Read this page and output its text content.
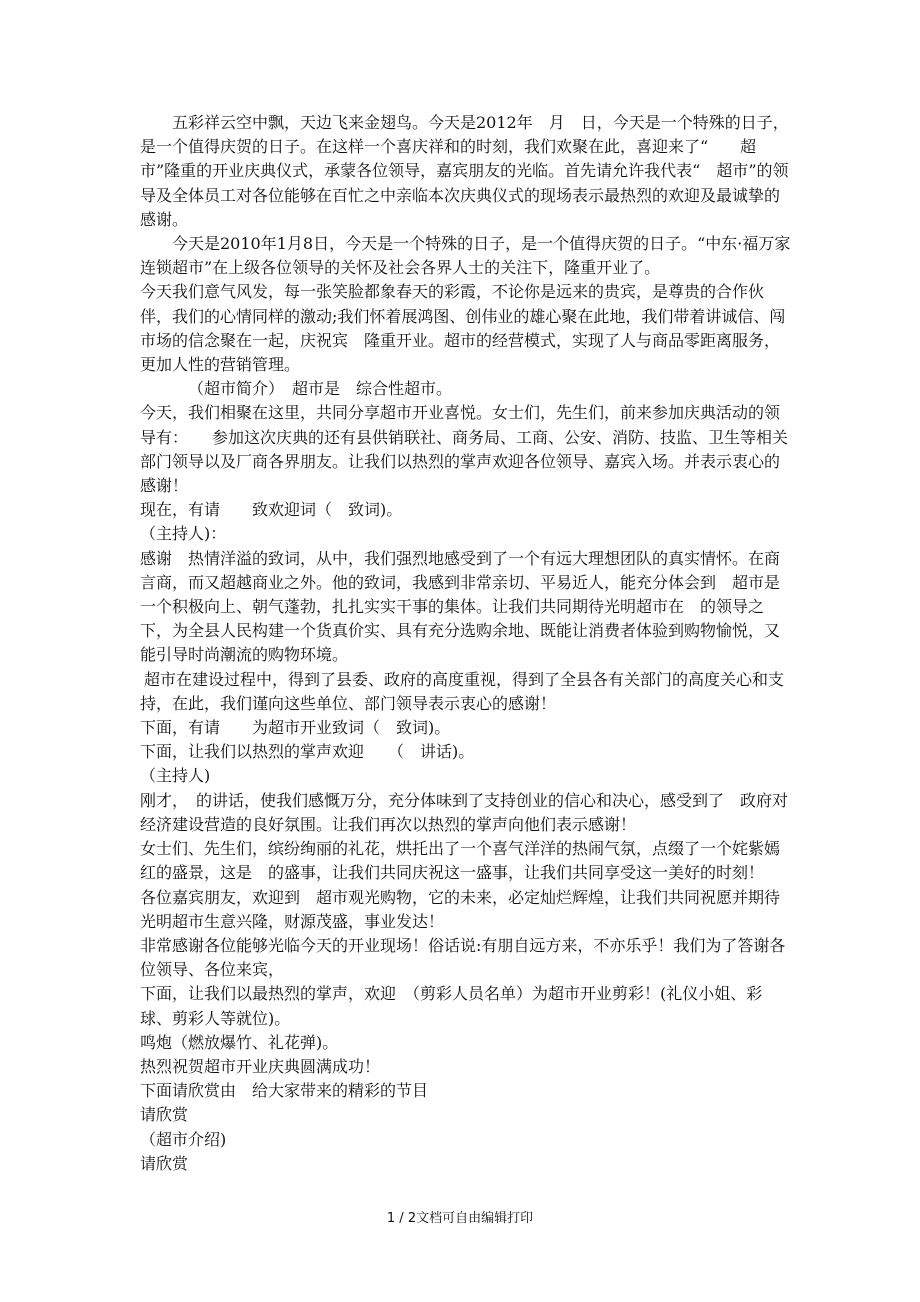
五彩祥云空中飘，天边飞来金翅鸟。今天是2012年　月　日，今天是一个特殊的日子，是一个值得庆贺的日子。在这样一个喜庆祥和的时刻，我们欢聚在此，喜迎来了“　　超市”隆重的开业庆典仪式，承蒙各位领导，嘉宾朋友的光临。首先请允许我代表“　超市”的领导及全体员工对各位能够在百忙之中亲临本次庆典仪式的现场表示最热烈的欢迎及最诚挚的感谢。

今天是2010年1月8日，今天是一个特殊的日子，是一个值得庆贺的日子。“中东·福万家连锁超市”在上级各位领导的关怀及社会各界人士的关注下，隆重开业了。

今天我们意气风发，每一张笑脸都象春天的彩霞，不论你是远来的贵宾，是尊贵的合作伙伴，我们的心情同样的激动;我们怀着展鸿图、创伟业的雄心聚在此地，我们带着讲诚信、闯市场的信念聚在一起，庆祝宾　隆重开业。超市的经营模式，实现了人与商品零距离服务，更加人性的营销管理。

（超市简介）　超市是　综合性超市。

今天，我们相聚在这里，共同分享超市开业喜悦。女士们，先生们，前来参加庆典活动的领导有：　　参加这次庆典的还有县供销联社、商务局、工商、公安、消防、技监、卫生等相关部门领导以及厂商各界朋友。让我们以热烈的掌声欢迎各位领导、嘉宾入场。并表示衷心的感谢！

现在，有请　　致欢迎词（　致词)。

（主持人)：

感谢　热情洋溢的致词，从中，我们强烈地感受到了一个有远大理想团队的真实情怀。在商言商，而又超越商业之外。他的致词，我感到非常亲切、平易近人，能充分体会到　超市是一个积极向上、朝气蓬勃，扎扎实实干事的集体。让我们共同期待光明超市在　的领导之下，为全县人民构建一个货真价实、具有充分选购余地、既能让消费者体验到购物愉悦，又能引导时尚潮流的购物环境。

超市在建设过程中，得到了县委、政府的高度重视，得到了全县各有关部门的高度关心和支持，在此，我们谨向这些单位、部门领导表示衷心的感谢！

下面，有请　　为超市开业致词（　致词)。

下面，让我们以热烈的掌声欢迎　　（　讲话)。

（主持人)

刚才，　的讲话，使我们感慨万分，充分体味到了支持创业的信心和决心，感受到了　政府对　经济建设营造的良好氛围。让我们再次以热烈的掌声向他们表示感谢！

女士们、先生们，缤纷绚丽的礼花，烘托出了一个喜气洋洋的热闹气氛，点缀了一个姹紫嫣红的盛景，这是　的盛事，让我们共同庆祝这一盛事，让我们共同享受这一美好的时刻！

各位嘉宾朋友，欢迎到　超市观光购物，它的未来，必定灿烂辉煌，让我们共同祝愿并期待光明超市生意兴隆，财源茂盛，事业发达！

非常感谢各位能够光临今天的开业现场！俗话说:有朋自远方来，不亦乐乎！我们为了答谢各位领导、各位来宾，

下面，让我们以最热烈的掌声，欢迎　（剪彩人员名单）为超市开业剪彩！(礼仪小姐、彩球、剪彩人等就位)。

鸣炮（燃放爆竹、礼花弹)。

热烈祝贺超市开业庆典圆满成功！

下面请欣赏由　给大家带来的精彩的节目

请欣赏

（超市介绍)

请欣赏

1 / 2文档可自由编辑打印
